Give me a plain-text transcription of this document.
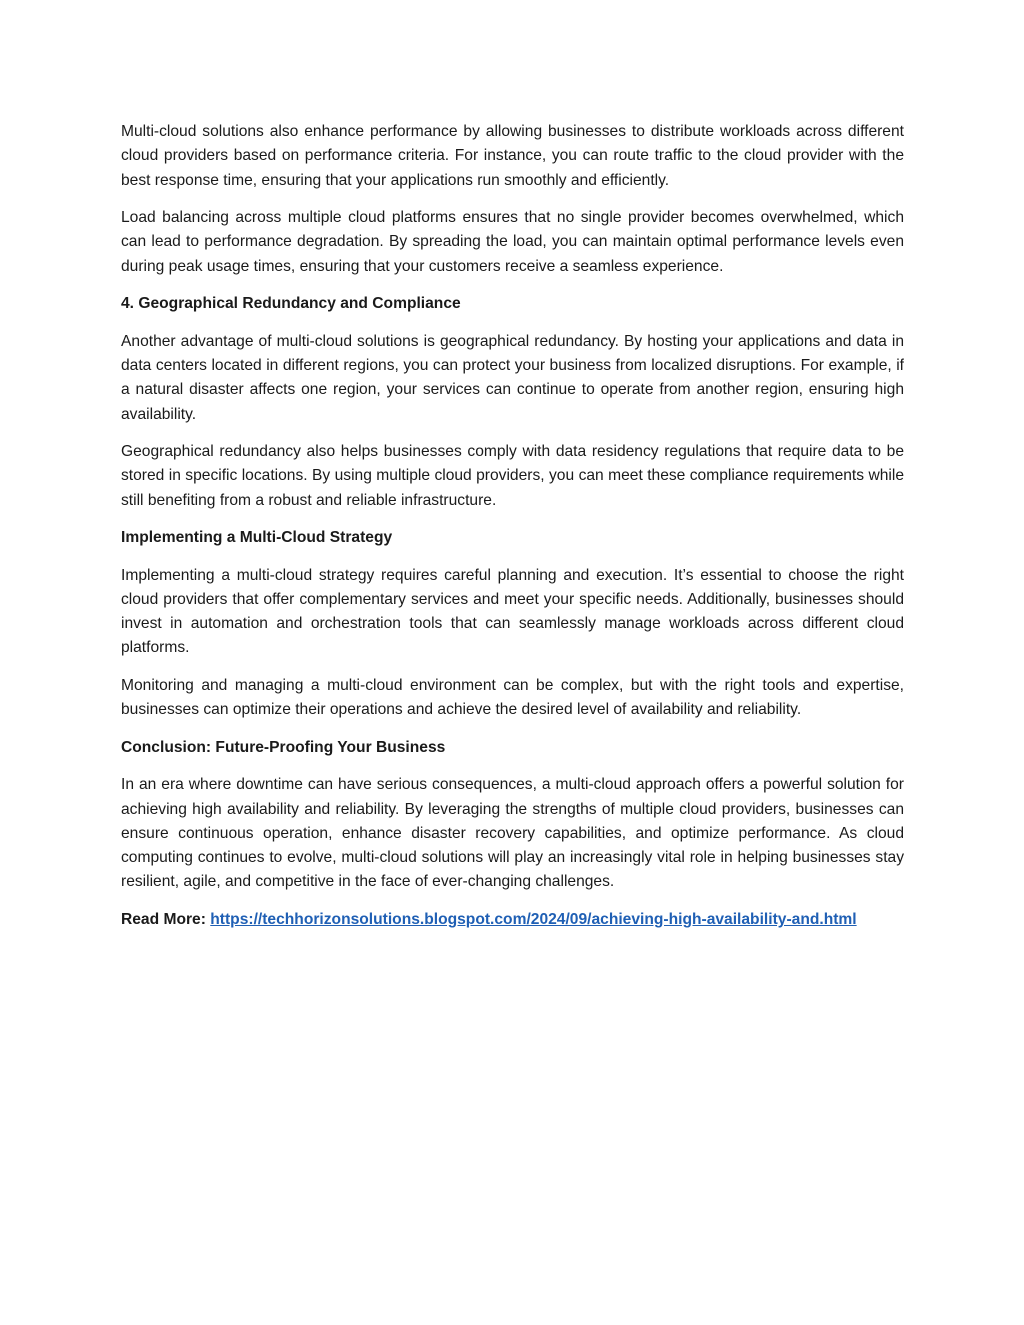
Multi-cloud solutions also enhance performance by allowing businesses to distribute workloads across different cloud providers based on performance criteria. For instance, you can route traffic to the cloud provider with the best response time, ensuring that your applications run smoothly and efficiently.

Load balancing across multiple cloud platforms ensures that no single provider becomes overwhelmed, which can lead to performance degradation. By spreading the load, you can maintain optimal performance levels even during peak usage times, ensuring that your customers receive a seamless experience.

4. Geographical Redundancy and Compliance

Another advantage of multi-cloud solutions is geographical redundancy. By hosting your applications and data in data centers located in different regions, you can protect your business from localized disruptions. For example, if a natural disaster affects one region, your services can continue to operate from another region, ensuring high availability.

Geographical redundancy also helps businesses comply with data residency regulations that require data to be stored in specific locations. By using multiple cloud providers, you can meet these compliance requirements while still benefiting from a robust and reliable infrastructure.

Implementing a Multi-Cloud Strategy

Implementing a multi-cloud strategy requires careful planning and execution. It’s essential to choose the right cloud providers that offer complementary services and meet your specific needs. Additionally, businesses should invest in automation and orchestration tools that can seamlessly manage workloads across different cloud platforms.

Monitoring and managing a multi-cloud environment can be complex, but with the right tools and expertise, businesses can optimize their operations and achieve the desired level of availability and reliability.

Conclusion: Future-Proofing Your Business

In an era where downtime can have serious consequences, a multi-cloud approach offers a powerful solution for achieving high availability and reliability. By leveraging the strengths of multiple cloud providers, businesses can ensure continuous operation, enhance disaster recovery capabilities, and optimize performance. As cloud computing continues to evolve, multi-cloud solutions will play an increasingly vital role in helping businesses stay resilient, agile, and competitive in the face of ever-changing challenges.

Read More: https://techhorizonsolutions.blogspot.com/2024/09/achieving-high-availability-and.html
